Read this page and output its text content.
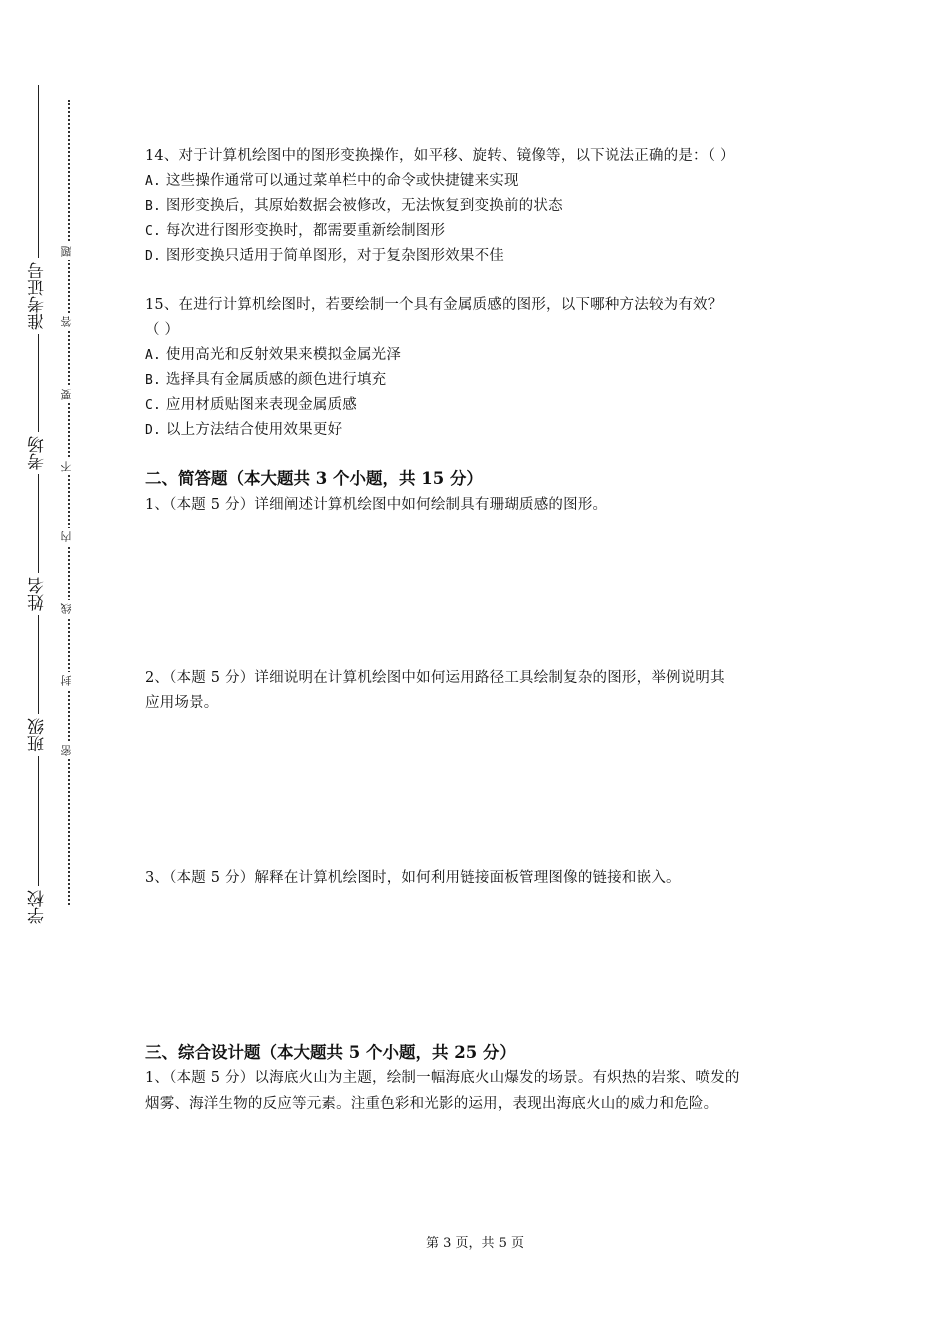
准考证号
考场
姓名
班级
学校
题
答
要
不
内
线
封
密
14、对于计算机绘图中的图形变换操作，如平移、旋转、镜像等，以下说法正确的是：（ ）
A. 这些操作通常可以通过菜单栏中的命令或快捷键来实现
B. 图形变换后，其原始数据会被修改，无法恢复到变换前的状态
C. 每次进行图形变换时，都需要重新绘制图形
D. 图形变换只适用于简单图形，对于复杂图形效果不佳
15、在进行计算机绘图时，若要绘制一个具有金属质感的图形，以下哪种方法较为有效？
（ ）
A. 使用高光和反射效果来模拟金属光泽
B. 选择具有金属质感的颜色进行填充
C. 应用材质贴图来表现金属质感
D. 以上方法结合使用效果更好
二、简答题（本大题共 3 个小题，共 15 分）
1、（本题 5 分）详细阐述计算机绘图中如何绘制具有珊瑚质感的图形。
2、（本题 5 分）详细说明在计算机绘图中如何运用路径工具绘制复杂的图形，举例说明其
应用场景。
3、（本题 5 分）解释在计算机绘图时，如何利用链接面板管理图像的链接和嵌入。
三、综合设计题（本大题共 5 个小题，共 25 分）
1、（本题 5 分）以海底火山为主题，绘制一幅海底火山爆发的场景。有炽热的岩浆、喷发的
烟雾、海洋生物的反应等元素。注重色彩和光影的运用，表现出海底火山的威力和危险。
第 3 页，共 5 页
